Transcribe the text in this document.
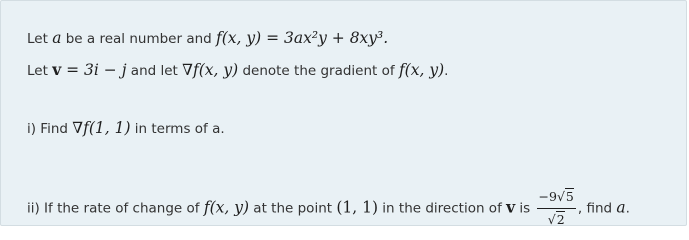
Let a be a real number and f(x, y) = 3ax²y + 8xy³.
Let v = 3i − j and let ∇f(x, y) denote the gradient of f(x, y).
i) Find ∇f(1, 1) in terms of a.
ii) If the rate of change of f(x, y) at the point (1, 1) in the direction of v is $\frac{-9√5}{√2}$ , find a.
